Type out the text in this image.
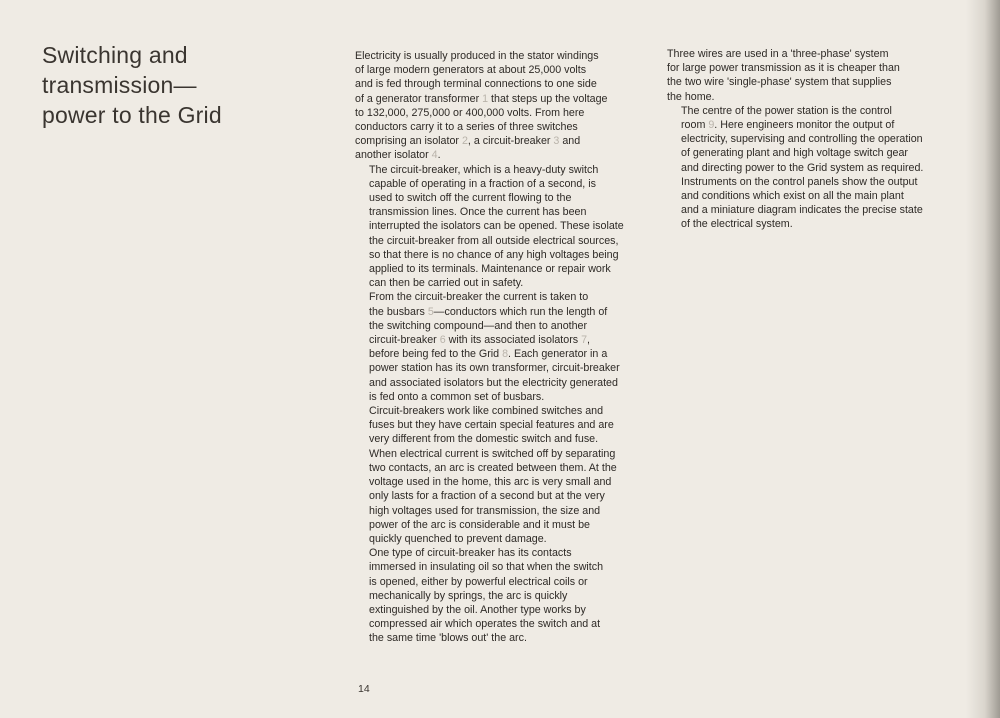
Switching and
transmission—
power to the Grid

Electricity is usually produced in the stator windings
of large modern generators at about 25,000 volts
and is fed through terminal connections to one side
of a generator transformer 1 that steps up the voltage
to 132,000, 275,000 or 400,000 volts. From here
conductors carry it to a series of three switches
comprising an isolator 2, a circuit-breaker 3 and
another isolator 4.

The circuit-breaker, which is a heavy-duty switch
capable of operating in a fraction of a second, is
used to switch off the current flowing to the
transmission lines. Once the current has been
interrupted the isolators can be opened. These isolate
the circuit-breaker from all outside electrical sources,
so that there is no chance of any high voltages being
applied to its terminals. Maintenance or repair work
can then be carried out in safety.

From the circuit-breaker the current is taken to
the busbars 5—conductors which run the length of
the switching compound—and then to another
circuit-breaker 6 with its associated isolators 7,
before being fed to the Grid 8. Each generator in a
power station has its own transformer, circuit-breaker
and associated isolators but the electricity generated
is fed onto a common set of busbars.

Circuit-breakers work like combined switches and
fuses but they have certain special features and are
very different from the domestic switch and fuse.
When electrical current is switched off by separating
two contacts, an arc is created between them. At the
voltage used in the home, this arc is very small and
only lasts for a fraction of a second but at the very
high voltages used for transmission, the size and
power of the arc is considerable and it must be
quickly quenched to prevent damage.

One type of circuit-breaker has its contacts
immersed in insulating oil so that when the switch
is opened, either by powerful electrical coils or
mechanically by springs, the arc is quickly
extinguished by the oil. Another type works by
compressed air which operates the switch and at
the same time 'blows out' the arc.

Three wires are used in a 'three-phase' system
for large power transmission as it is cheaper than
the two wire 'single-phase' system that supplies
the home.

The centre of the power station is the control
room 9. Here engineers monitor the output of
electricity, supervising and controlling the operation
of generating plant and high voltage switch gear
and directing power to the Grid system as required.
Instruments on the control panels show the output
and conditions which exist on all the main plant
and a miniature diagram indicates the precise state
of the electrical system.

14
